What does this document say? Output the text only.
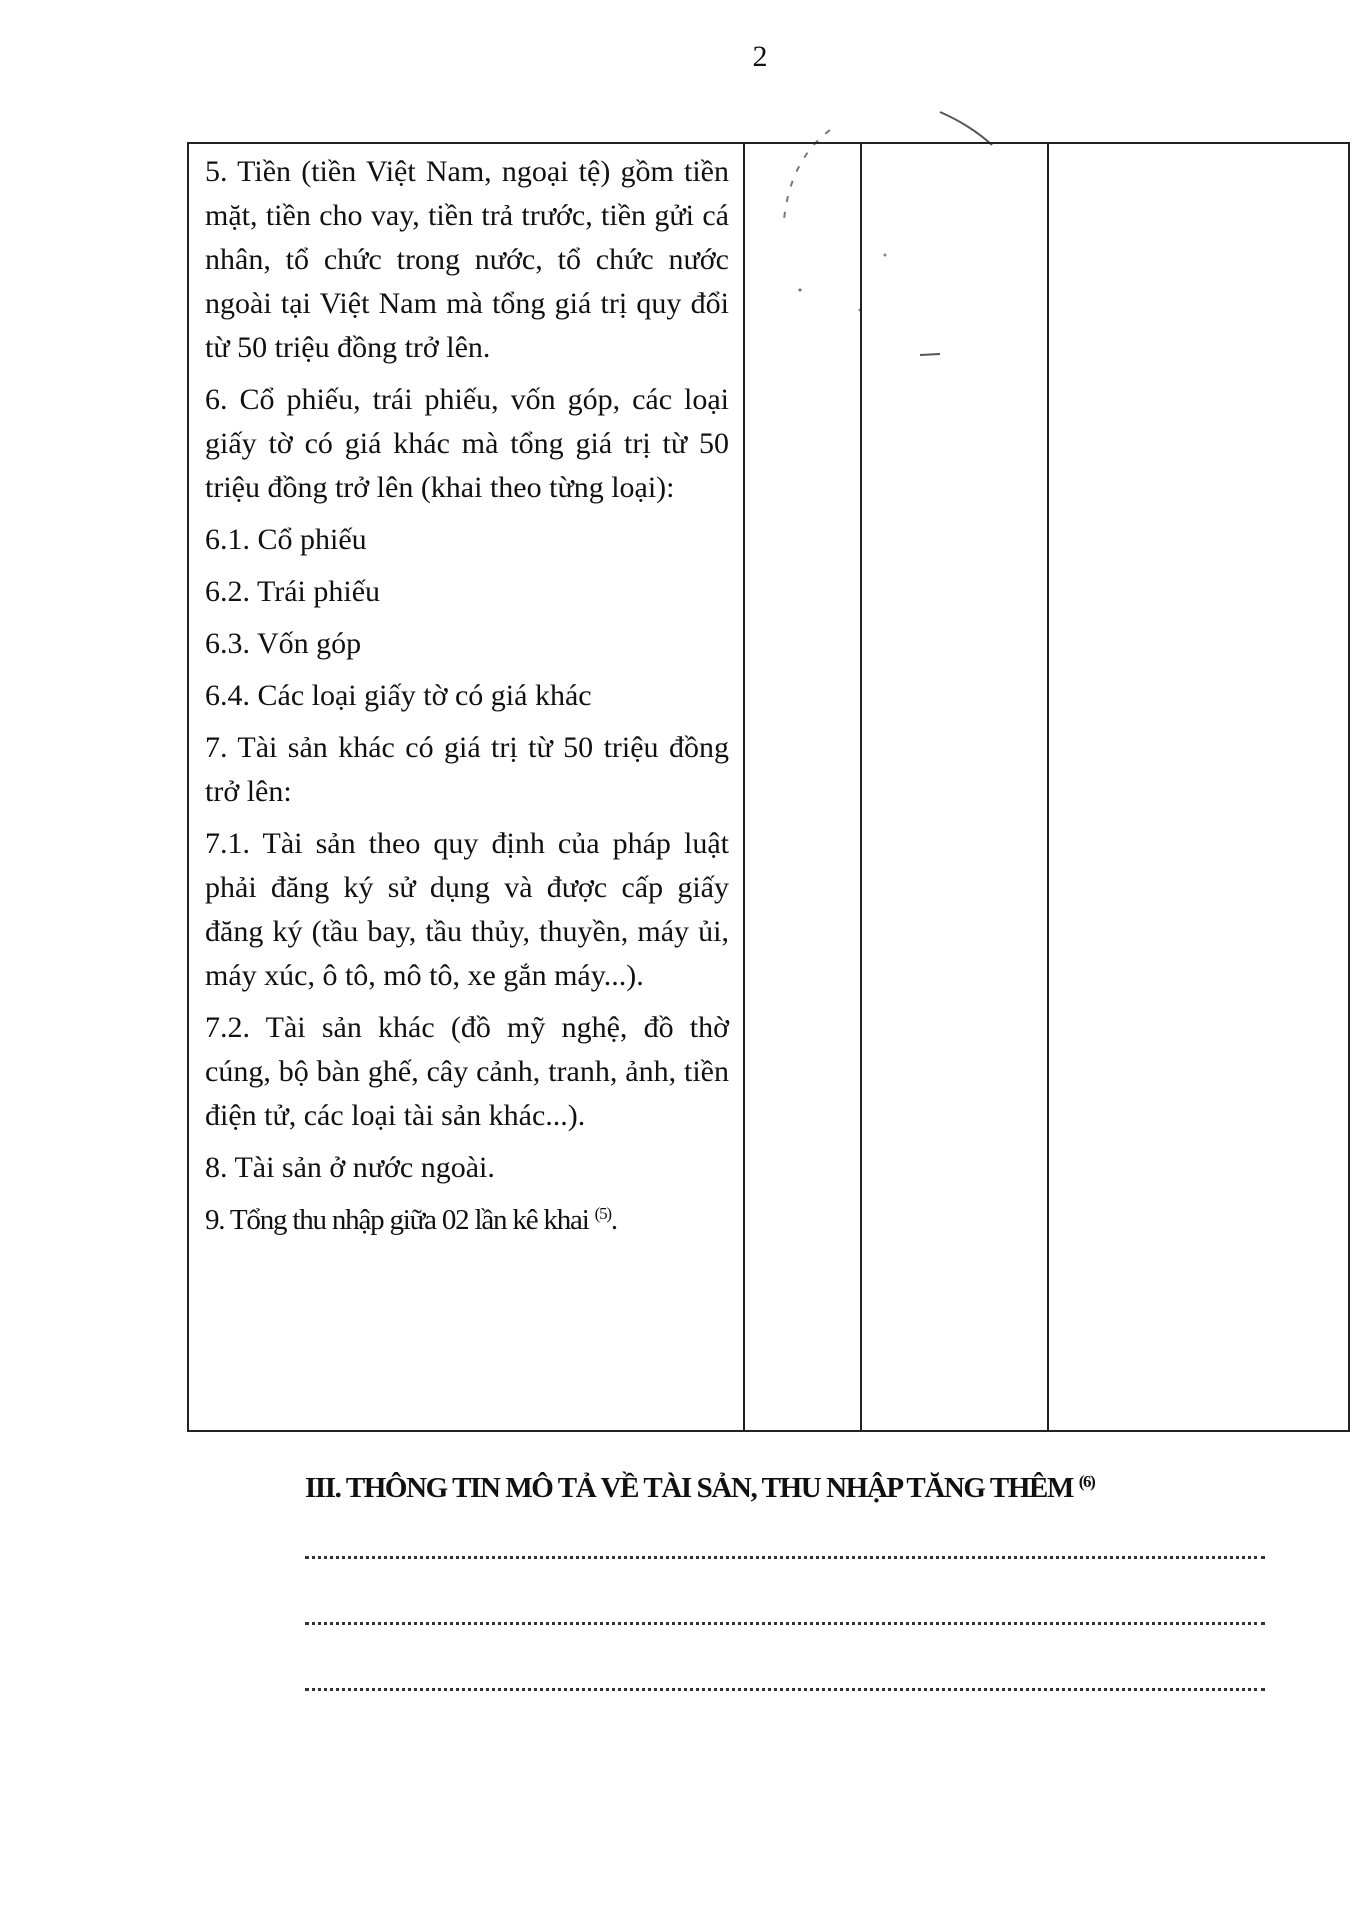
2

5. Tiền (tiền Việt Nam, ngoại tệ) gồm tiền mặt, tiền cho vay, tiền trả trước, tiền gửi cá nhân, tổ chức trong nước, tổ chức nước ngoài tại Việt Nam mà tổng giá trị quy đổi từ 50 triệu đồng trở lên.

6. Cổ phiếu, trái phiếu, vốn góp, các loại giấy tờ có giá khác mà tổng giá trị từ 50 triệu đồng trở lên (khai theo từng loại):

6.1. Cổ phiếu

6.2. Trái phiếu

6.3. Vốn góp

6.4. Các loại giấy tờ có giá khác

7. Tài sản khác có giá trị từ 50 triệu đồng trở lên:

7.1. Tài sản theo quy định của pháp luật phải đăng ký sử dụng và được cấp giấy đăng ký (tầu bay, tầu thủy, thuyền, máy ủi, máy xúc, ô tô, mô tô, xe gắn máy...).

7.2. Tài sản khác (đồ mỹ nghệ, đồ thờ cúng, bộ bàn ghế, cây cảnh, tranh, ảnh, tiền điện tử, các loại tài sản khác...).

8. Tài sản ở nước ngoài.

9. Tổng thu nhập giữa 02 lần kê khai $^{(5)}$.

III. THÔNG TIN MÔ TẢ VỀ TÀI SẢN, THU NHẬP TĂNG THÊM $^{(6)}$
